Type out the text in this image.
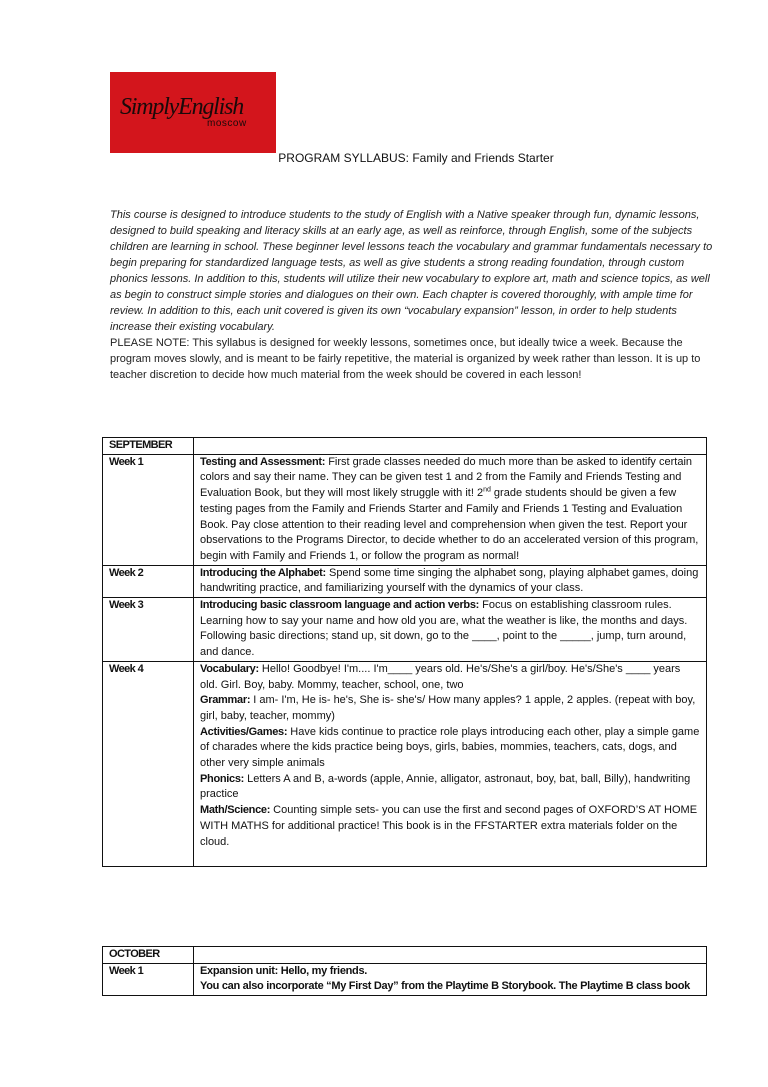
SimplyEnglish
moscow
PROGRAM SYLLABUS: Family and Friends Starter
This course is designed to introduce students to the study of English with a Native speaker through fun, dynamic lessons, designed to build speaking and literacy skills at an early age, as well as reinforce, through English, some of the subjects children are learning in school. These beginner level lessons teach the vocabulary and grammar fundamentals necessary to begin preparing for standardized language tests, as well as give students a strong reading foundation, through custom phonics lessons. In addition to this, students will utilize their new vocabulary to explore art, math and science topics, as well as begin to construct simple stories and dialogues on their own. Each chapter is covered thoroughly, with ample time for review. In addition to this, each unit covered is given its own “vocabulary expansion” lesson, in order to help students increase their existing vocabulary.
PLEASE NOTE: This syllabus is designed for weekly lessons, sometimes once, but ideally twice a week. Because the program moves slowly, and is meant to be fairly repetitive, the material is organized by week rather than lesson. It is up to teacher discretion to decide how much material from the week should be covered in each lesson!
SEPTEMBER	
Week 1	Testing and Assessment: First grade classes needed do much more than be asked to identify certain colors and say their name. They can be given test 1 and 2 from the Family and Friends Testing and Evaluation Book, but they will most likely struggle with it! 2nd grade students should be given a few testing pages from the Family and Friends Starter and Family and Friends 1 Testing and Evaluation Book. Pay close attention to their reading level and comprehension when given the test. Report your observations to the Programs Director, to decide whether to do an accelerated version of this program, begin with Family and Friends 1, or follow the program as normal!
Week 2	Introducing the Alphabet: Spend some time singing the alphabet song, playing alphabet games, doing handwriting practice, and familiarizing yourself with the dynamics of your class.
Week 3	Introducing basic classroom language and action verbs: Focus on establishing classroom rules. Learning how to say your name and how old you are, what the weather is like, the months and days. Following basic directions; stand up, sit down, go to the ____, point to the _____, jump, turn around, and dance.
Week 4	Vocabulary: Hello! Goodbye! I'm.... I'm____ years old. He's/She's a girl/boy. He's/She's ____ years old. Girl. Boy, baby. Mommy, teacher, school, one, two
Grammar: I am- I'm, He is- he's, She is- she's/ How many apples? 1 apple, 2 apples. (repeat with boy, girl, baby, teacher, mommy)
Activities/Games: Have kids continue to practice role plays introducing each other, play a simple game of charades where the kids practice being boys, girls, babies, mommies, teachers, cats, dogs, and other very simple animals
Phonics: Letters A and B, a-words (apple, Annie, alligator, astronaut, boy, bat, ball, Billy), handwriting practice
Math/Science: Counting simple sets- you can use the first and second pages of OXFORD’S AT HOME WITH MATHS for additional practice! This book is in the FFSTARTER extra materials folder on the cloud.
OCTOBER	
Week 1	Expansion unit: Hello, my friends.
You can also incorporate “My First Day” from the Playtime B Storybook. The Playtime B class book
